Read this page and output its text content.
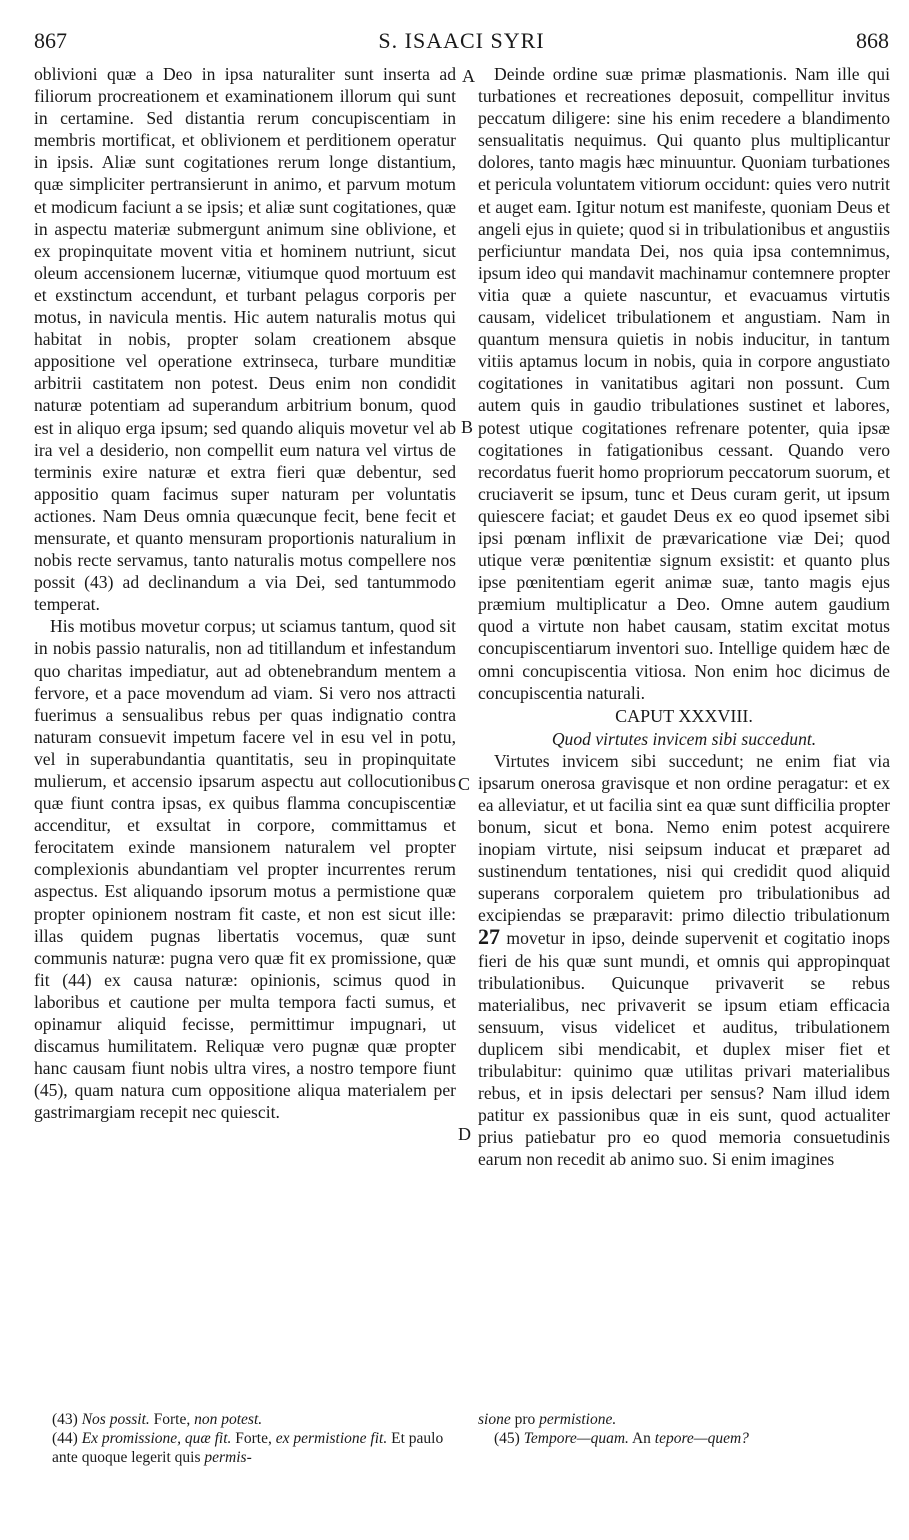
867	S. ISAACI SYRI	868
A
B
C
D

oblivioni quæ a Deo in ipsa naturaliter sunt inserta ad filiorum procreationem et examinationem illorum qui sunt in certamine. Sed distantia rerum concupiscentiam in membris mortificat, et oblivionem et perditionem operatur in ipsis. Aliæ sunt cogitationes rerum longe distantium, quæ simpliciter pertransierunt in animo, et parvum motum et modicum faciunt a se ipsis; et aliæ sunt cogitationes, quæ in aspectu materiæ submergunt animum sine oblivione, et ex propinquitate movent vitia et hominem nutriunt, sicut oleum accensionem lucernæ, vitiumque quod mortuum est et exstinctum accendunt, et turbant pelagus corporis per motus, in navicula mentis. Hic autem naturalis motus qui habitat in nobis, propter solam creationem absque appositione vel operatione extrinseca, turbare munditiæ arbitrii castitatem non potest. Deus enim non condidit naturæ potentiam ad superandum arbitrium bonum, quod est in aliquo erga ipsum; sed quando aliquis movetur vel ab ira vel a desiderio, non compellit eum natura vel virtus de terminis exire naturæ et extra fieri quæ debentur, sed appositio quam facimus super naturam per voluntatis actiones. Nam Deus omnia quæcunque fecit, bene fecit et mensurate, et quanto mensuram proportionis naturalium in nobis recte servamus, tanto naturalis motus compellere nos possit (43) ad declinandum a via Dei, sed tantummodo temperat.

His motibus movetur corpus; ut sciamus tantum, quod sit in nobis passio naturalis, non ad titillandum et infestandum quo charitas impediatur, aut ad obtenebrandum mentem a fervore, et a pace movendum ad viam. Si vero nos attracti fuerimus a sensualibus rebus per quas indignatio contra naturam consuevit impetum facere vel in esu vel in potu, vel in superabundantia quantitatis, seu in propinquitate mulierum, et accensio ipsarum aspectu aut collocutionibus quæ fiunt contra ipsas, ex quibus flamma concupiscentiæ accenditur, et exsultat in corpore, committamus et ferocitatem exinde mansionem naturalem vel propter complexionis abundantiam vel propter incurrentes rerum aspectus. Est aliquando ipsorum motus a permistione quæ propter opinionem nostram fit caste, et non est sicut ille: illas quidem pugnas libertatis vocemus, quæ sunt communis naturæ: pugna vero quæ fit ex promissione, quæ fit (44) ex causa naturæ: opinionis, scimus quod in laboribus et cautione per multa tempora facti sumus, et opinamur aliquid fecisse, permittimur impugnari, ut discamus humilitatem. Reliquæ vero pugnæ quæ propter hanc causam fiunt nobis ultra vires, a nostro tempore fiunt (45), quam natura cum oppositione aliqua materialem per gastrimargiam recepit nec quiescit.

Deinde ordine suæ primæ plasmationis. Nam ille qui turbationes et recreationes deposuit, compellitur invitus peccatum diligere: sine his enim recedere a blandimento sensualitatis nequimus. Qui quanto plus multiplicantur dolores, tanto magis hæc minuuntur. Quoniam turbationes et pericula voluntatem vitiorum occidunt: quies vero nutrit et auget eam. Igitur notum est manifeste, quoniam Deus et angeli ejus in quiete; quod si in tribulationibus et angustiis perficiuntur mandata Dei, nos quia ipsa contemnimus, ipsum ideo qui mandavit machinamur contemnere propter vitia quæ a quiete nascuntur, et evacuamus virtutis causam, videlicet tribulationem et angustiam. Nam in quantum mensura quietis in nobis inducitur, in tantum vitiis aptamus locum in nobis, quia in corpore angustiato cogitationes in vanitatibus agitari non possunt. Cum autem quis in gaudio tribulationes sustinet et labores, potest utique cogitationes refrenare potenter, quia ipsæ cogitationes in fatigationibus cessant. Quando vero recordatus fuerit homo propriorum peccatorum suorum, et cruciaverit se ipsum, tunc et Deus curam gerit, ut ipsum quiescere faciat; et gaudet Deus ex eo quod ipsemet sibi ipsi pœnam inflixit de prævaricatione viæ Dei; quod utique veræ pœnitentiæ signum exsistit: et quanto plus ipse pœnitentiam egerit animæ suæ, tanto magis ejus præmium multiplicatur a Deo. Omne autem gaudium quod a virtute non habet causam, statim excitat motus concupiscentiarum inventori suo. Intellige quidem hæc de omni concupiscentia vitiosa. Non enim hoc dicimus de concupiscentia naturali.

CAPUT XXXVIII.

Quod virtutes invicem sibi succedunt.

Virtutes invicem sibi succedunt; ne enim fiat via ipsarum onerosa gravisque et non ordine peragatur: et ex ea alleviatur, et ut facilia sint ea quæ sunt difficilia propter bonum, sicut et bona. Nemo enim potest acquirere inopiam virtute, nisi seipsum inducat et præparet ad sustinendum tentationes, nisi qui credidit quod aliquid superans corporalem quietem pro tribulationibus ad excipiendas se præparavit: primo dilectio tribulationum 27 movetur in ipso, deinde supervenit et cogitatio inops fieri de his quæ sunt mundi, et omnis qui appropinquat tribulationibus. Quicunque privaverit se rebus materialibus, nec privaverit se ipsum etiam efficacia sensuum, visus videlicet et auditus, tribulationem duplicem sibi mendicabit, et duplex miser fiet et tribulabitur: quinimo quæ utilitas privari materialibus rebus, et in ipsis delectari per sensus? Nam illud idem patitur ex passionibus quæ in eis sunt, quod actualiter prius patiebatur pro eo quod memoria consuetudinis earum non recedit ab animo suo. Si enim imagines

(43) Nos possit. Forte, non potest.

(44) Ex promissione, quæ fit. Forte, ex permistione fit. Et paulo ante quoque legerit quis permis-

sione pro permistione.

(45) Tempore—quam. An tepore—quem?
